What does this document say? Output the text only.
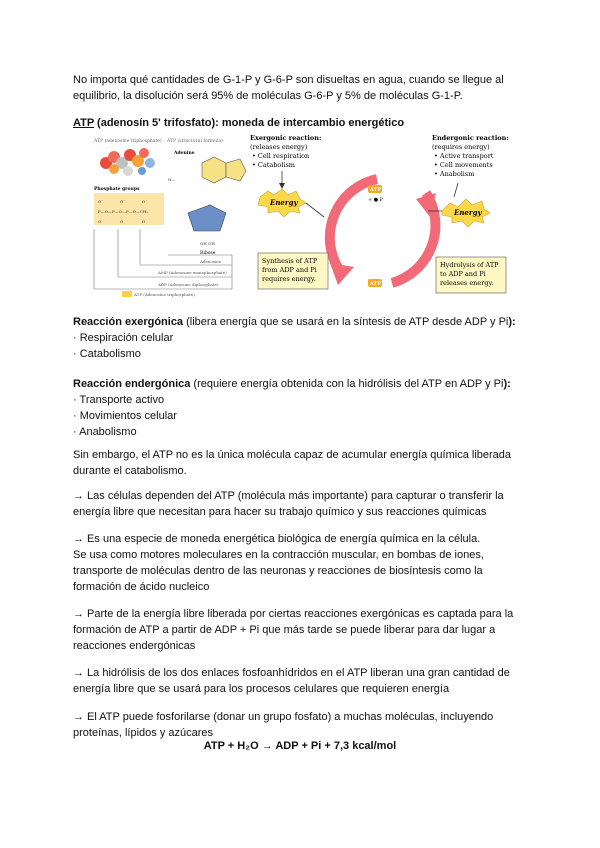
No importa qué cantidades de G-1-P y G-6-P son disueltas en agua, cuando se llegue al equilibrio, la disolución será 95% de moléculas G-6-P y 5% de moléculas G-1-P.

ATP (adenosín 5' trifosfato): moneda de intercambio energético

ATP (adenosine triphosphate) ATP (structural formula)
Adenine
H—
Phosphate groups
O⁻	O⁻	O⁻
P—O—P—O—P—O—CH₂
O	O	O
OH OH
Ribose
Adenosine
AMP (Adenosine monophosphate)
ADP (Adenosine diphosphate)
ATP (Adenosine triphosphate)
Exergonic reaction:
(releases energy)
• Cell respiration
• Catabolism
Energy
ATP
+ ● P
ATP
Synthesis of ATP
from ADP and Pi
requires energy.
Endergonic reaction:
(requires energy)
• Active transport
• Cell movements
• Anabolism
Energy
Hydrolysis of ATP
to ADP and Pi
releases energy.
Reacción exergónica (libera energía que se usará en la síntesis de ATP desde ADP y Pi):
· Respiración celular
· Catabolismo
Reacción endergónica (requiere energía obtenida con la hidrólisis del ATP en ADP y Pi):
· Transporte activo
· Movimientos celular
· Anabolismo

Sin embargo, el ATP no es la única molécula capaz de acumular energía química liberada durante el catabolismo.

→ Las células dependen del ATP (molécula más importante) para capturar o transferir la energía libre que necesitan para hacer su trabajo químico y sus reacciones químicas

→ Es una especie de moneda energética biológica de energía química en la célula.

Se usa como motores moleculares en la contracción muscular, en bombas de iones, transporte de moléculas dentro de las neuronas y reacciones de biosíntesis como la formación de ácido nucleico

→ Parte de la energía libre liberada por ciertas reacciones exergónicas es captada para la formación de ATP a partir de ADP + Pi que más tarde se puede liberar para dar lugar a reacciones endergónicas

→ La hidrólisis de los dos enlaces fosfoanhídridos en el ATP liberan una gran cantidad de energía libre que se usará para los procesos celulares que requieren energía

→ El ATP puede fosforilarse (donar un grupo fosfato) a muchas moléculas, incluyendo proteínas, lípidos y azúcares

ATP + H₂O → ADP + Pi + 7,3 kcal/mol
